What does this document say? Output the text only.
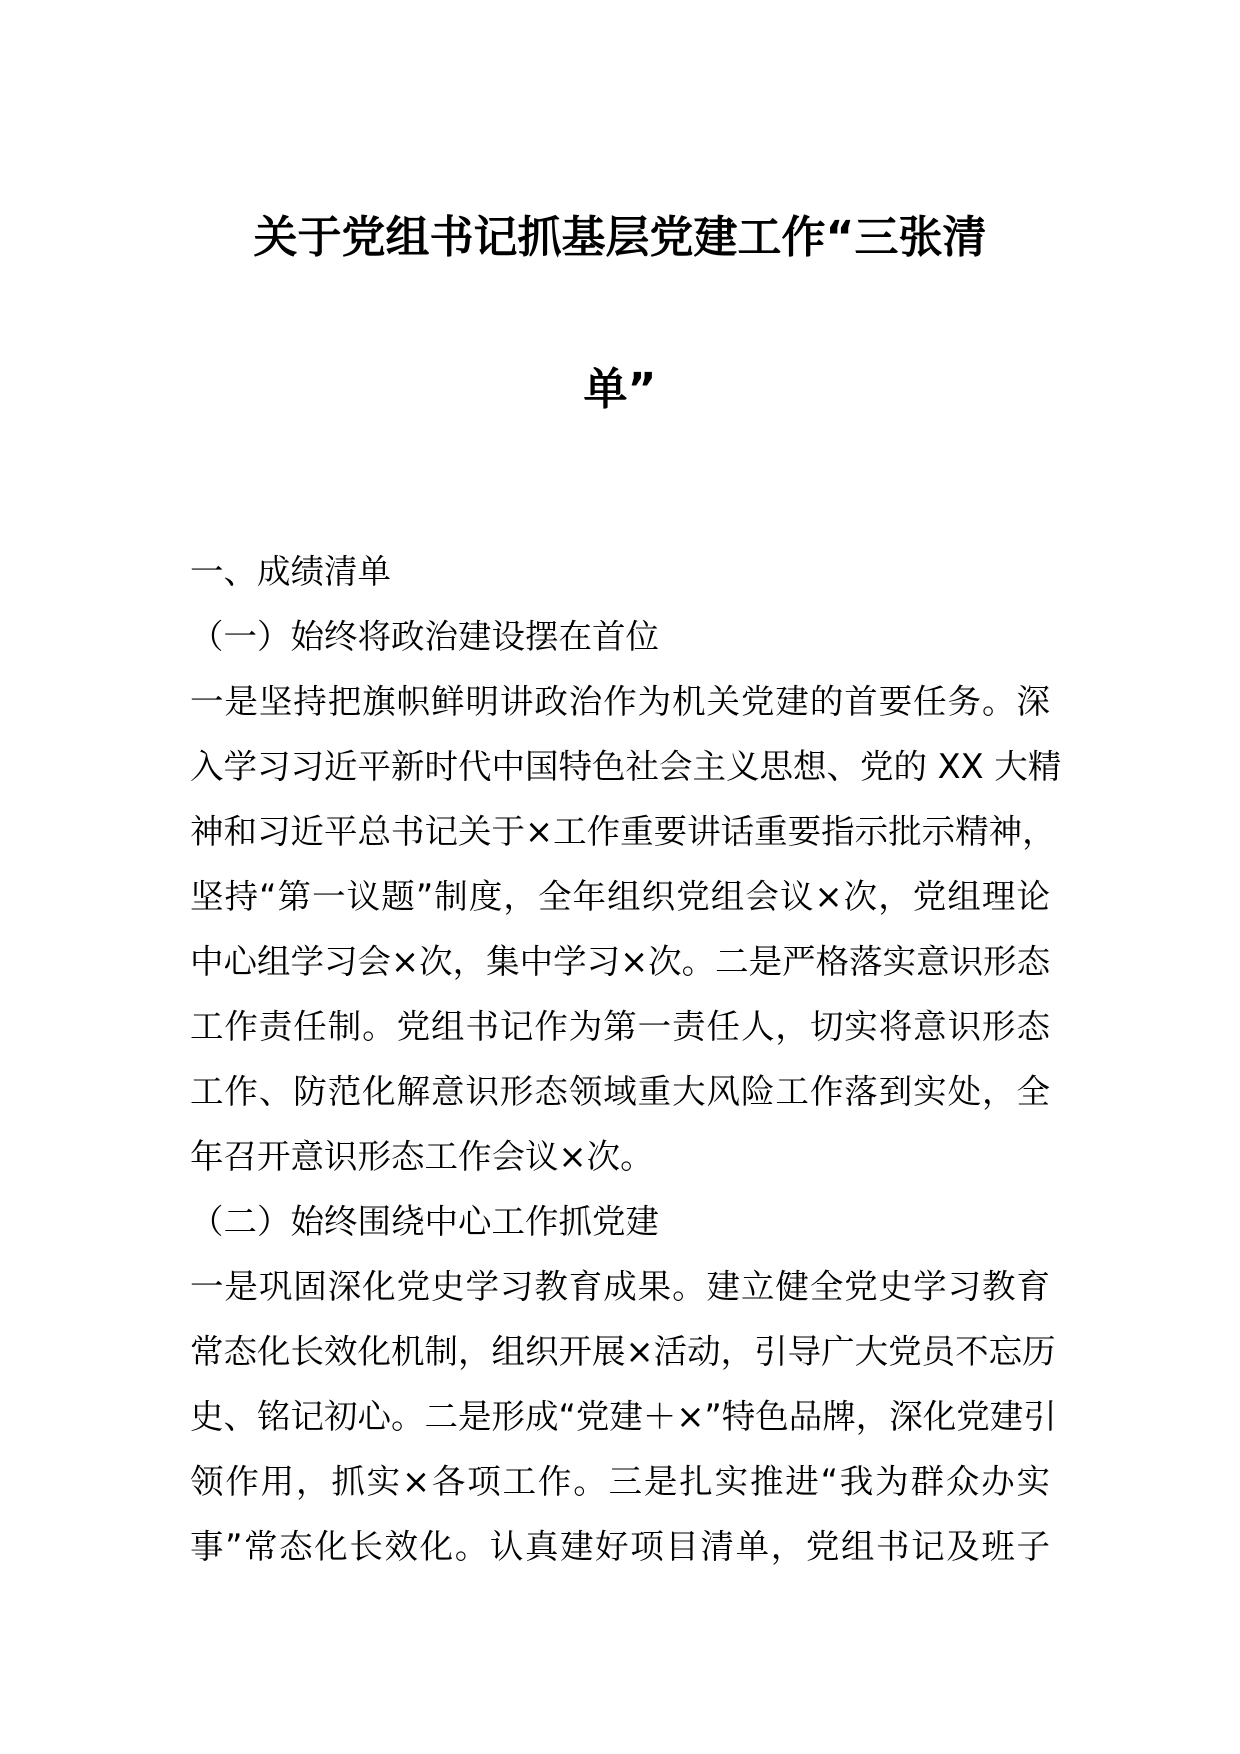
关于党组书记抓基层党建工作“三张清
单”
一、成绩清单
（一）始终将政治建设摆在首位
一是坚持把旗帜鲜明讲政治作为机关党建的首要任务。深
入学习习近平新时代中国特色社会主义思想、党的 XX 大精
神和习近平总书记关于×工作重要讲话重要指示批示精神，
坚持“第一议题”制度，全年组织党组会议×次，党组理论
中心组学习会×次，集中学习×次。二是严格落实意识形态
工作责任制。党组书记作为第一责任人，切实将意识形态
工作、防范化解意识形态领域重大风险工作落到实处，全
年召开意识形态工作会议×次。
（二）始终围绕中心工作抓党建
一是巩固深化党史学习教育成果。建立健全党史学习教育
常态化长效化机制，组织开展×活动，引导广大党员不忘历
史、铭记初心。二是形成“党建＋×”特色品牌，深化党建引
领作用，抓实×各项工作。三是扎实推进“我为群众办实
事”常态化长效化。认真建好项目清单，党组书记及班子
